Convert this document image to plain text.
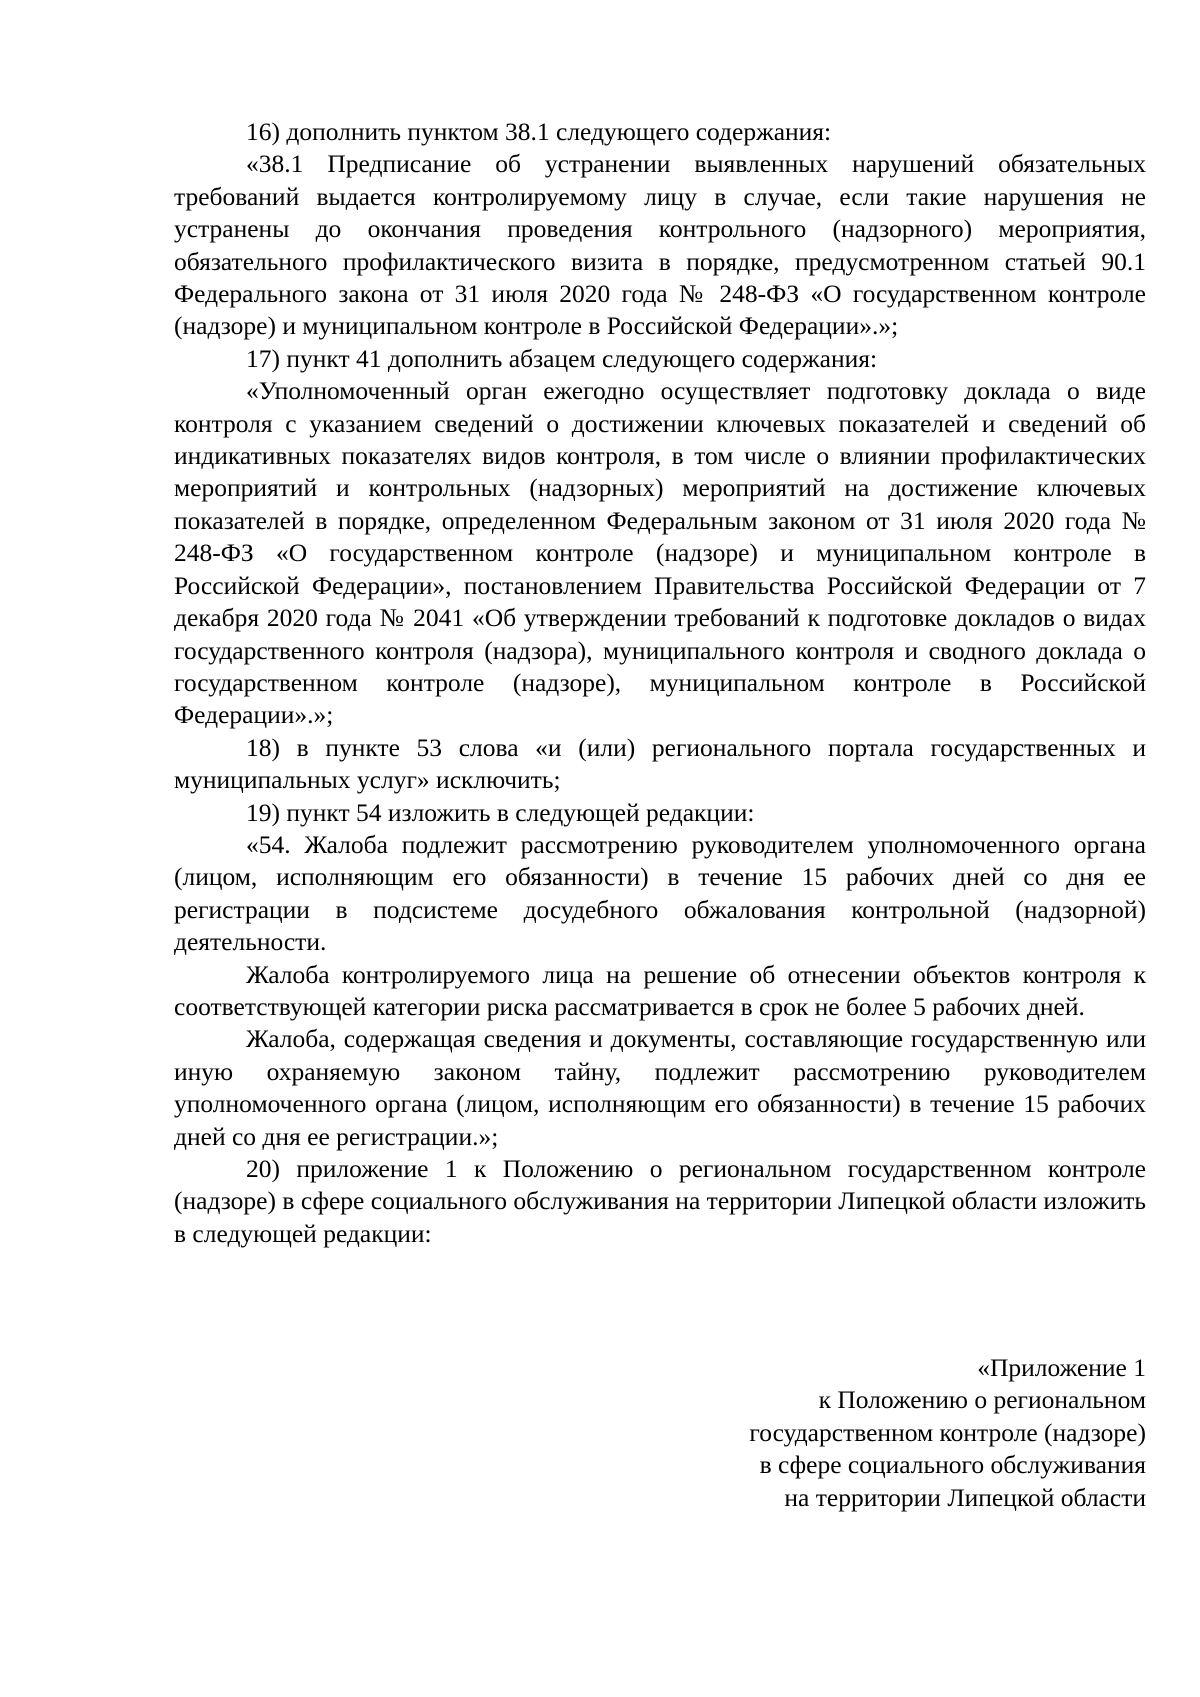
16) дополнить пунктом 38.1 следующего содержания:

«38.1 Предписание об устранении выявленных нарушений обязательных требований выдается контролируемому лицу в случае, если такие нарушения не устранены до окончания проведения контрольного (надзорного) мероприятия, обязательного профилактического визита в порядке, предусмотренном статьей 90.1 Федерального закона от 31 июля 2020 года № 248-ФЗ «О государственном контроле (надзоре) и муниципальном контроле в Российской Федерации».»;

17) пункт 41 дополнить абзацем следующего содержания:

«Уполномоченный орган ежегодно осуществляет подготовку доклада о виде контроля с указанием сведений о достижении ключевых показателей и сведений об индикативных показателях видов контроля, в том числе о влиянии профилактических мероприятий и контрольных (надзорных) мероприятий на достижение ключевых показателей в порядке, определенном Федеральным законом от 31 июля 2020 года № 248-ФЗ «О государственном контроле (надзоре) и муниципальном контроле в Российской Федерации», постановлением Правительства Российской Федерации от 7 декабря 2020 года № 2041 «Об утверждении требований к подготовке докладов о видах государственного контроля (надзора), муниципального контроля и сводного доклада о государственном контроле (надзоре), муниципальном контроле в Российской Федерации».»;

18) в пункте 53 слова «и (или) регионального портала государственных и муниципальных услуг» исключить;

19) пункт 54 изложить в следующей редакции:

«54. Жалоба подлежит рассмотрению руководителем уполномоченного органа (лицом, исполняющим его обязанности) в течение 15 рабочих дней со дня ее регистрации в подсистеме досудебного обжалования контрольной (надзорной) деятельности.

Жалоба контролируемого лица на решение об отнесении объектов контроля к соответствующей категории риска рассматривается в срок не более 5 рабочих дней.

Жалоба, содержащая сведения и документы, составляющие государственную или иную охраняемую законом тайну, подлежит рассмотрению руководителем уполномоченного органа (лицом, исполняющим его обязанности) в течение 15 рабочих дней со дня ее регистрации.»;

20) приложение 1 к Положению о региональном государственном контроле (надзоре) в сфере социального обслуживания на территории Липецкой области изложить в следующей редакции:

«Приложение 1
к Положению о региональном
государственном контроле (надзоре)
в сфере социального обслуживания
на территории Липецкой области
